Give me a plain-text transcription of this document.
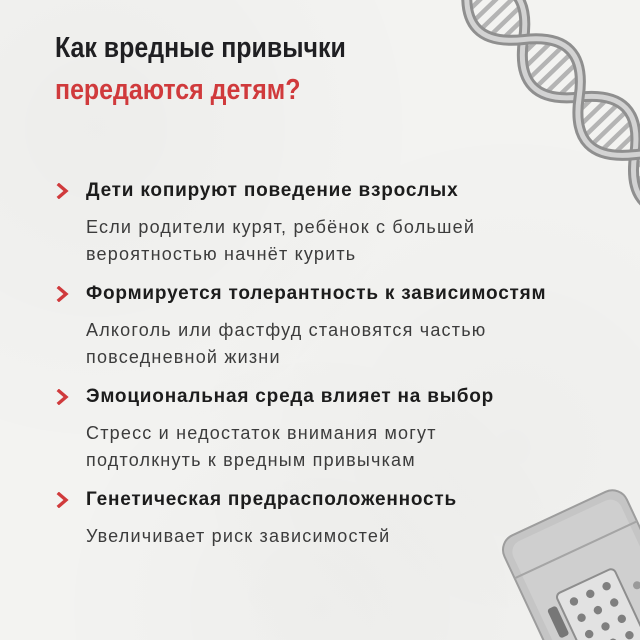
Как вредные привычки
передаются детям?
Дети копируют поведение взрослых
Если родители курят, ребёнок с большей
вероятностью начнёт курить
Формируется толерантность к зависимостям
Алкоголь или фастфуд становятся частью
повседневной жизни
Эмоциональная среда влияет на выбор
Стресс и недостаток внимания могут
подтолкнуть к вредным привычкам
Генетическая предрасположенность
Увеличивает риск зависимостей
